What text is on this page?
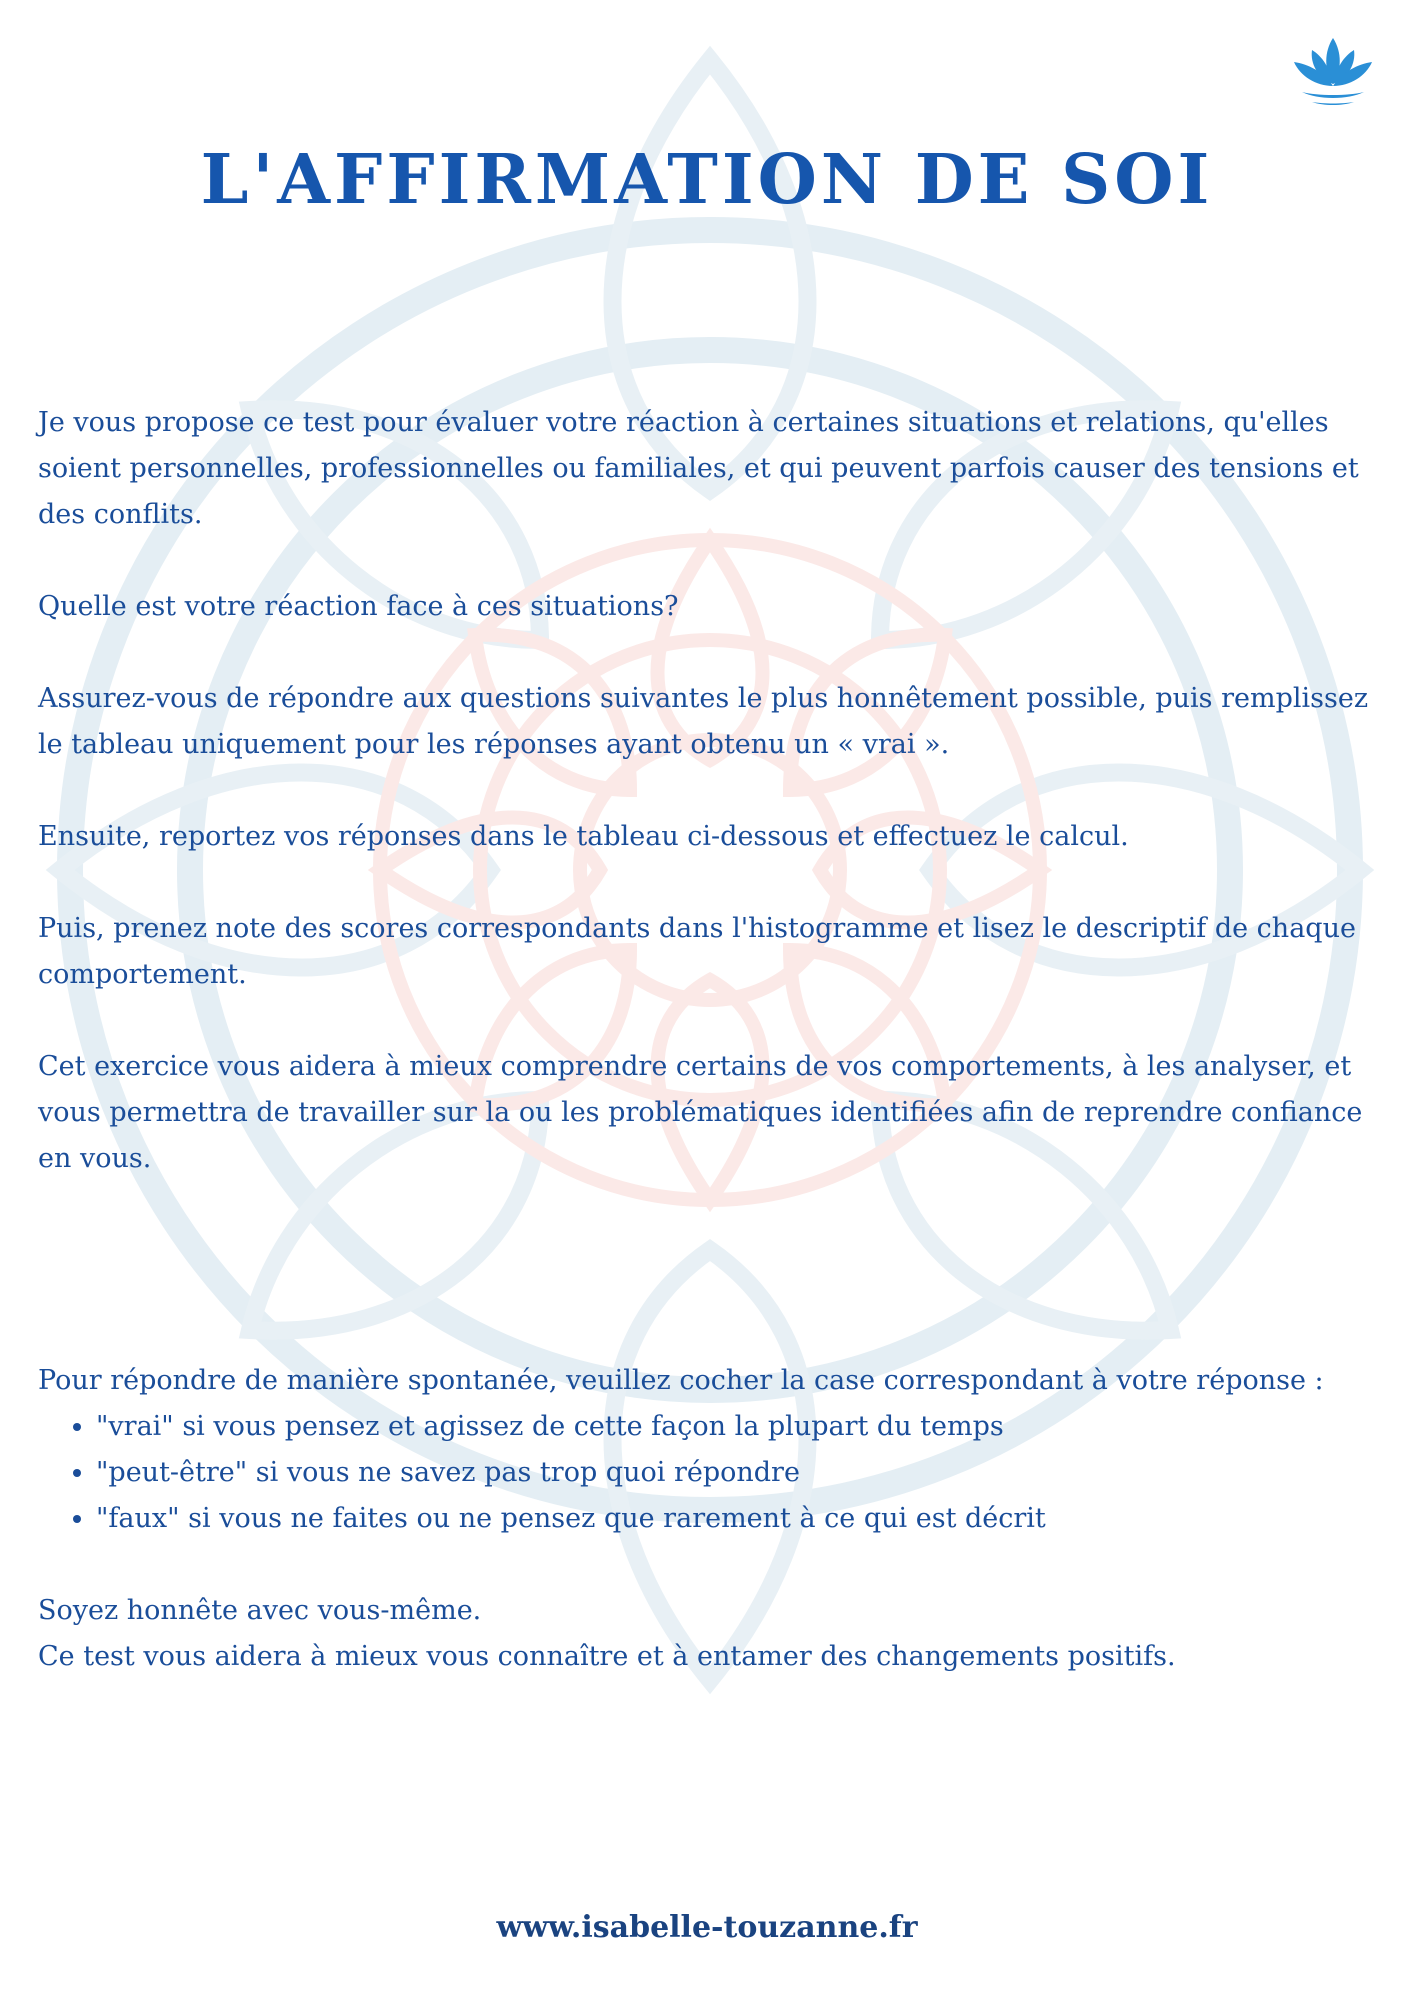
L'AFFIRMATION DE SOI

Je vous propose ce test pour évaluer votre réaction à certaines situations et relations, qu'elles soient personnelles, professionnelles ou familiales, et qui peuvent parfois causer des tensions et des conflits.

Quelle est votre réaction face à ces situations?

Assurez-vous de répondre aux questions suivantes le plus honnêtement possible, puis remplissez le tableau uniquement pour les réponses ayant obtenu un « vrai ».

Ensuite, reportez vos réponses dans le tableau ci-dessous et effectuez le calcul.

Puis, prenez note des scores correspondants dans l'histogramme et lisez le descriptif de chaque comportement.

Cet exercice vous aidera à mieux comprendre certains de vos comportements, à les analyser, et vous permettra de travailler sur la ou les problématiques identifiées afin de reprendre confiance en vous.

Pour répondre de manière spontanée, veuillez cocher la case correspondant à votre réponse :

• "vrai" si vous pensez et agissez de cette façon la plupart du temps
• "peut-être" si vous ne savez pas trop quoi répondre
• "faux" si vous ne faites ou ne pensez que rarement à ce qui est décrit

Soyez honnête avec vous-même.
Ce test vous aidera à mieux vous connaître et à entamer des changements positifs.

www.isabelle-touzanne.fr
